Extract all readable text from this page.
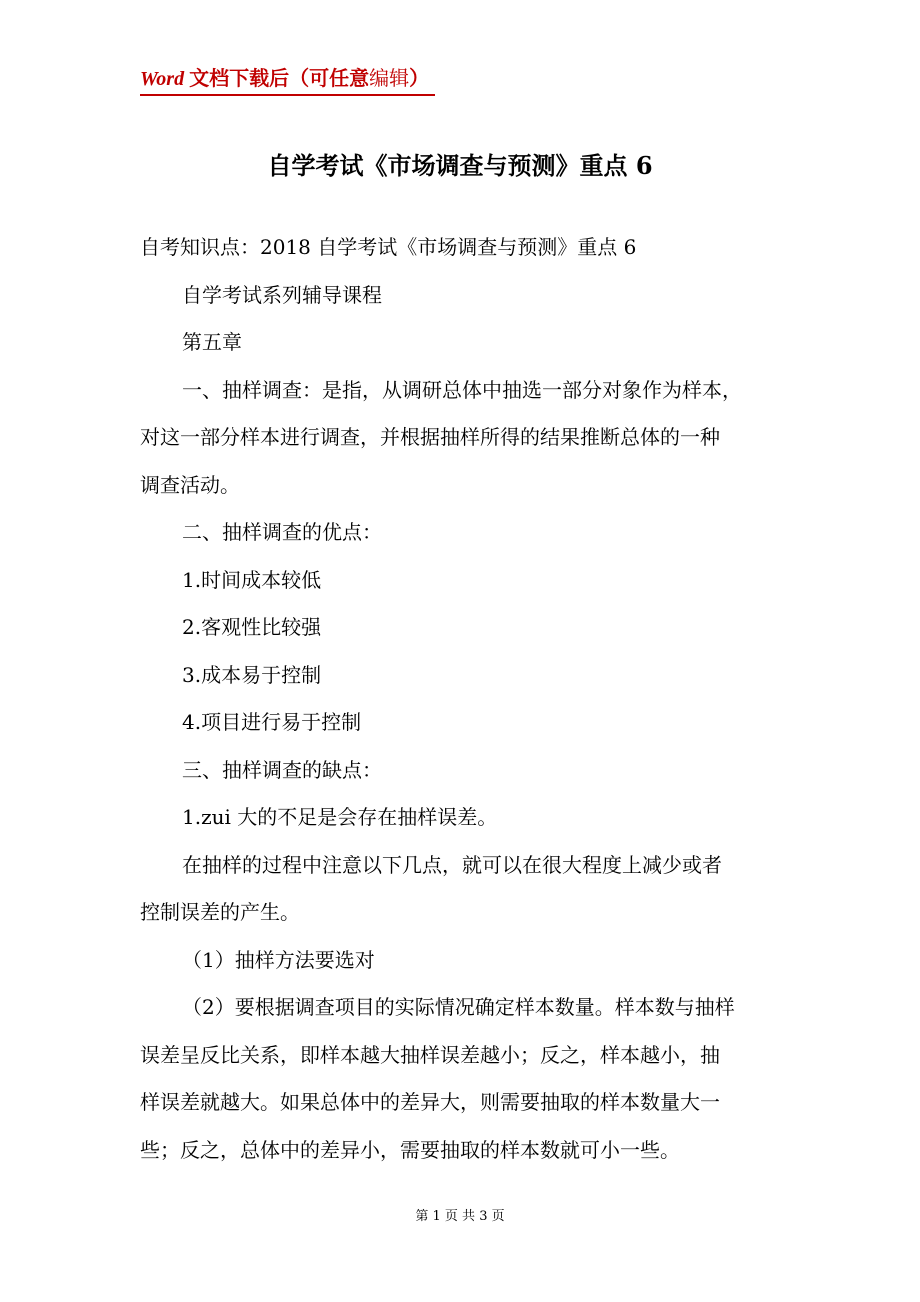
Word 文档下载后（可任意编辑）
自学考试《市场调查与预测》重点 6

自考知识点：2018 自学考试《市场调查与预测》重点 6

自学考试系列辅导课程

第五章

一、抽样调查：是指，从调研总体中抽选一部分对象作为样本，

对这一部分样本进行调查，并根据抽样所得的结果推断总体的一种

调查活动。

二、抽样调查的优点：

1.时间成本较低

2.客观性比较强

3.成本易于控制

4.项目进行易于控制

三、抽样调查的缺点：

1.zui 大的不足是会存在抽样误差。

在抽样的过程中注意以下几点，就可以在很大程度上减少或者

控制误差的产生。

（1）抽样方法要选对

（2）要根据调查项目的实际情况确定样本数量。样本数与抽样

误差呈反比关系，即样本越大抽样误差越小；反之，样本越小，抽

样误差就越大。如果总体中的差异大，则需要抽取的样本数量大一

些；反之，总体中的差异小，需要抽取的样本数就可小一些。

第 1 页 共 3 页
